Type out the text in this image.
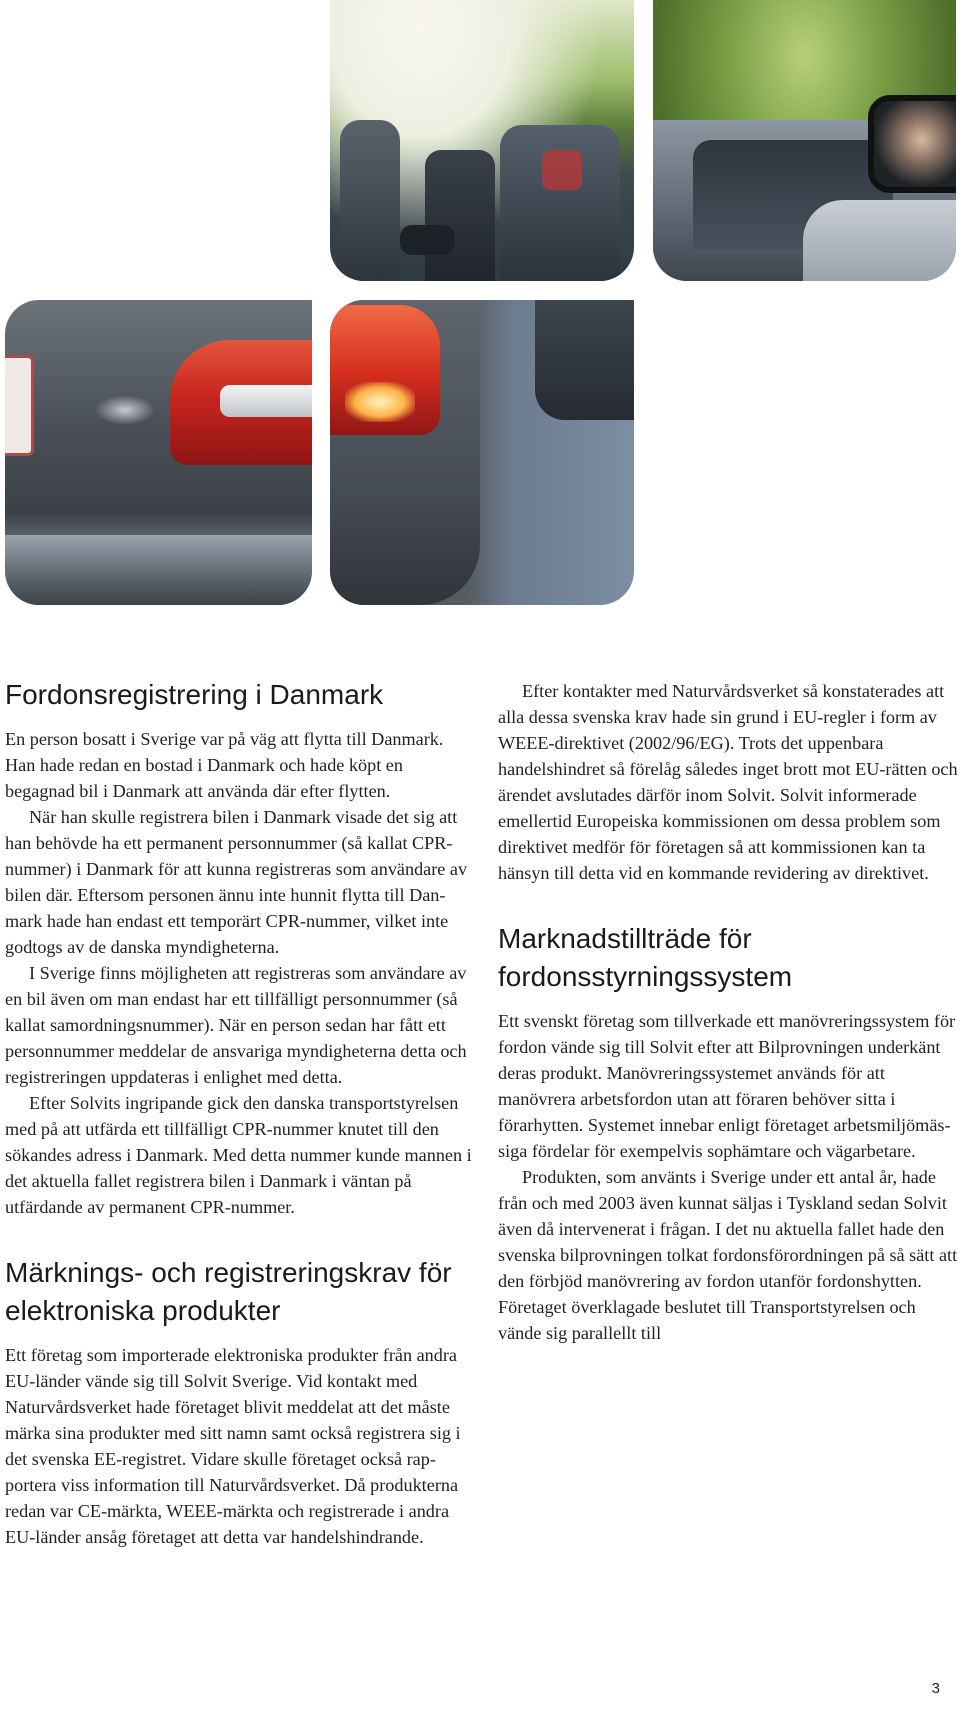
Fordonsregistrering i Danmark

En person bosatt i Sverige var på väg att flytta till Danmark. Han hade redan en bostad i Danmark och hade köpt en begagnad bil i Danmark att använda där efter flytten.

När han skulle registrera bilen i Danmark visade det sig att han behövde ha ett permanent personnummer (så kallat CPR-nummer) i Danmark för att kunna registreras som användare av bilen där. Eftersom personen ännu inte hunnit flytta till Danmark hade han endast ett temporärt CPR-nummer, vilket inte godtogs av de danska myndigheterna.

I Sverige finns möjligheten att registreras som användare av en bil även om man endast har ett tillfälligt personnummer (så kallat samordningsnummer). När en person sedan har fått ett personnummer meddelar de ansvariga myndigheterna detta och registreringen uppdateras i enlighet med detta.

Efter Solvits ingripande gick den danska transportstyrelsen med på att utfärda ett tillfälligt CPR-nummer knutet till den sökandes adress i Danmark. Med detta nummer kunde mannen i det aktuella fallet registrera bilen i Danmark i väntan på utfärdande av permanent CPR-nummer.

Märknings- och registreringskrav för elektroniska produkter

Ett företag som importerade elektroniska produkter från andra EU-länder vände sig till Solvit Sverige. Vid kontakt med Naturvårdsverket hade företaget blivit meddelat att det måste märka sina produkter med sitt namn samt också registrera sig i det svenska EE-registret. Vidare skulle företaget också rapportera viss information till Naturvårdsverket. Då produkterna redan var CE-märkta, WEEE-märkta och registrerade i andra EU-länder ansåg företaget att detta var handelshindrande.

Efter kontakter med Naturvårdsverket så konstaterades att alla dessa svenska krav hade sin grund i EU-regler i form av WEEE-direktivet (2002/96/EG). Trots det uppenbara handelshindret så förelåg således inget brott mot EU-rätten och ärendet avslutades därför inom Solvit. Solvit informerade emellertid Europeiska kommissionen om dessa problem som direktivet medför för företagen så att kommissionen kan ta hänsyn till detta vid en kommande revidering av direktivet.

Marknadstillträde för fordonsstyrningssystem

Ett svenskt företag som tillverkade ett manövreringssystem för fordon vände sig till Solvit efter att Bilprovningen underkänt deras produkt. Manövreringssystemet används för att manövrera arbetsfordon utan att föraren behöver sitta i förarhytten. Systemet innebar enligt företaget arbetsmiljömässiga fördelar för exempelvis sophämtare och vägarbetare.

Produkten, som använts i Sverige under ett antal år, hade från och med 2003 även kunnat säljas i Tyskland sedan Solvit även då intervenerat i frågan. I det nu aktuella fallet hade den svenska bilprovningen tolkat fordonsförordningen på så sätt att den förbjöd manövrering av fordon utanför fordonshytten. Företaget överklagade beslutet till Transportstyrelsen och vände sig parallellt till

3
